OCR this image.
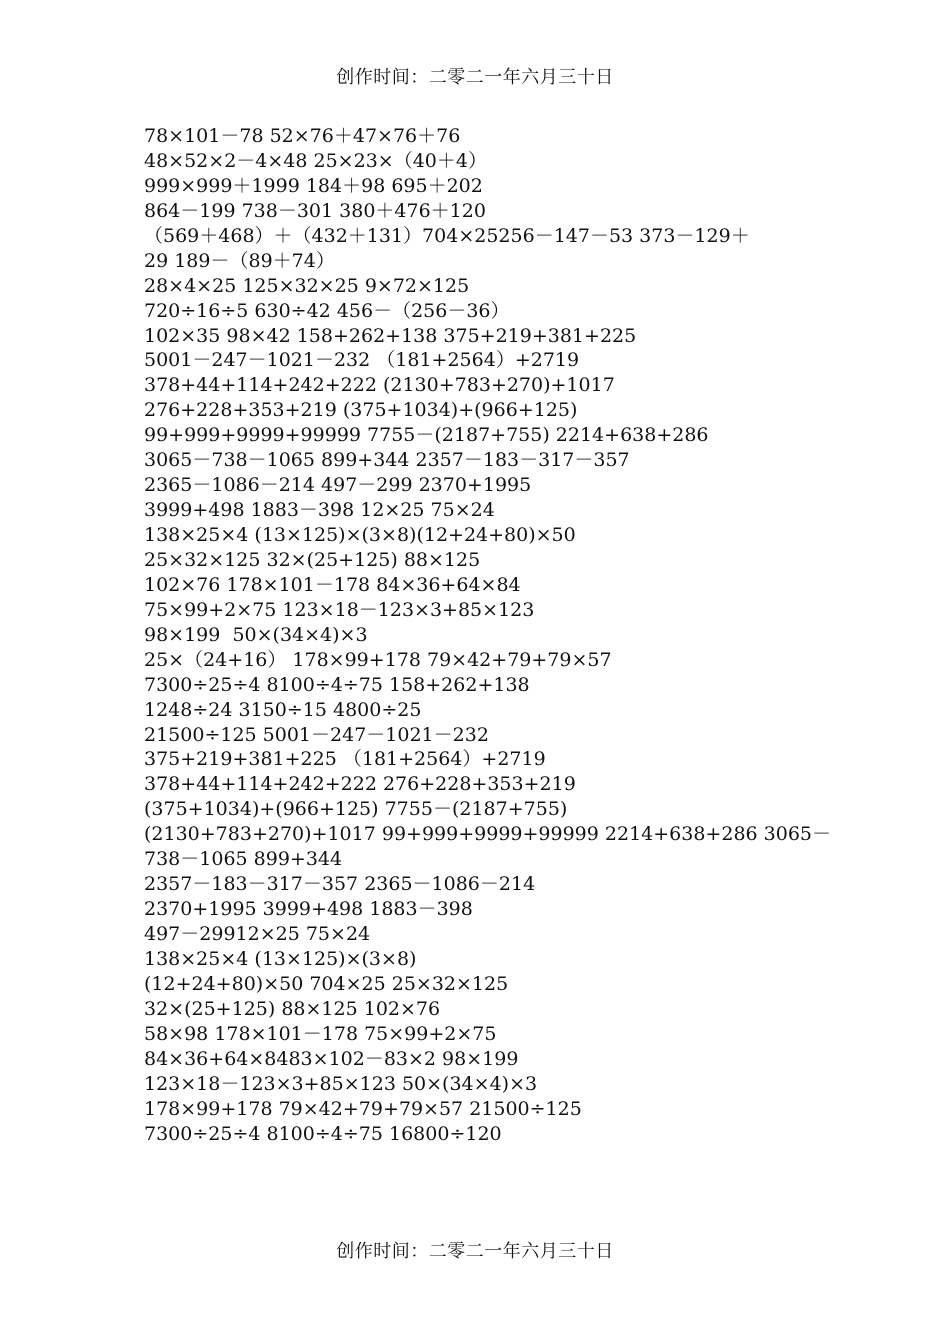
创作时间：二零二一年六月三十日
78×101－78 52×76＋47×76＋76
48×52×2－4×48 25×23×（40＋4）
999×999＋1999 184＋98 695＋202
864－199 738－301 380＋476＋120
（569＋468）＋（432＋131）704×25256－147－53 373－129＋
29 189－（89＋74）
28×4×25 125×32×25 9×72×125
720÷16÷5 630÷42 456－（256－36）
102×35 98×42 158+262+138 375+219+381+225
5001－247－1021－232 （181+2564）+2719
378+44+114+242+222 (2130+783+270)+1017
276+228+353+219 (375+1034)+(966+125)
99+999+9999+99999 7755－(2187+755) 2214+638+286
3065－738－1065 899+344 2357－183－317－357
2365－1086－214 497－299 2370+1995
3999+498 1883－398 12×25 75×24
138×25×4 (13×125)×(3×8)(12+24+80)×50
25×32×125 32×(25+125) 88×125
102×76 178×101－178 84×36+64×84
75×99+2×75 123×18－123×3+85×123
98×199  50×(34×4)×3
25×（24+16） 178×99+178 79×42+79+79×57
7300÷25÷4 8100÷4÷75 158+262+138
1248÷24 3150÷15 4800÷25
21500÷125 5001－247－1021－232
375+219+381+225 （181+2564）+2719
378+44+114+242+222 276+228+353+219
(375+1034)+(966+125) 7755－(2187+755)
(2130+783+270)+1017 99+999+9999+99999 2214+638+286 3065－
738－1065 899+344
2357－183－317－357 2365－1086－214
2370+1995 3999+498 1883－398
497－29912×25 75×24
138×25×4 (13×125)×(3×8)
(12+24+80)×50 704×25 25×32×125
32×(25+125) 88×125 102×76
58×98 178×101－178 75×99+2×75
84×36+64×8483×102－83×2 98×199
123×18－123×3+85×123 50×(34×4)×3
178×99+178 79×42+79+79×57 21500÷125
7300÷25÷4 8100÷4÷75 16800÷120
创作时间：二零二一年六月三十日
